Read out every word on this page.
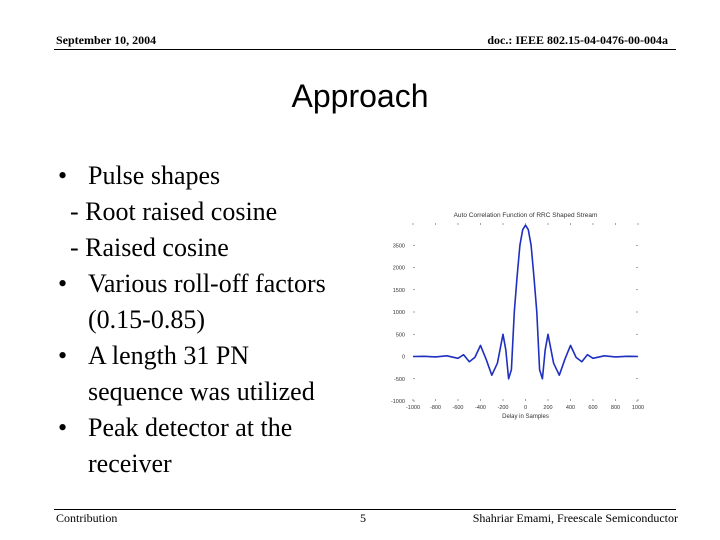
September 10, 2004	doc.: IEEE 802.15-04-0476-00-004a
Approach
• Pulse shapes
- Root raised cosine
- Raised cosine
• Various roll-off factors
(0.15-0.85)
• A length 31 PN
sequence was utilized
• Peak detector at the
receiver
Auto Correlation Function of RRC Shaped Stream
-1000 -800 -600 -400 -200	0	200 400 600 800 1000
3500
2000
1500
1000
500
0
-500
-1000
Delay in Samples
Contribution	5	Shahriar Emami, Freescale Semiconductor
